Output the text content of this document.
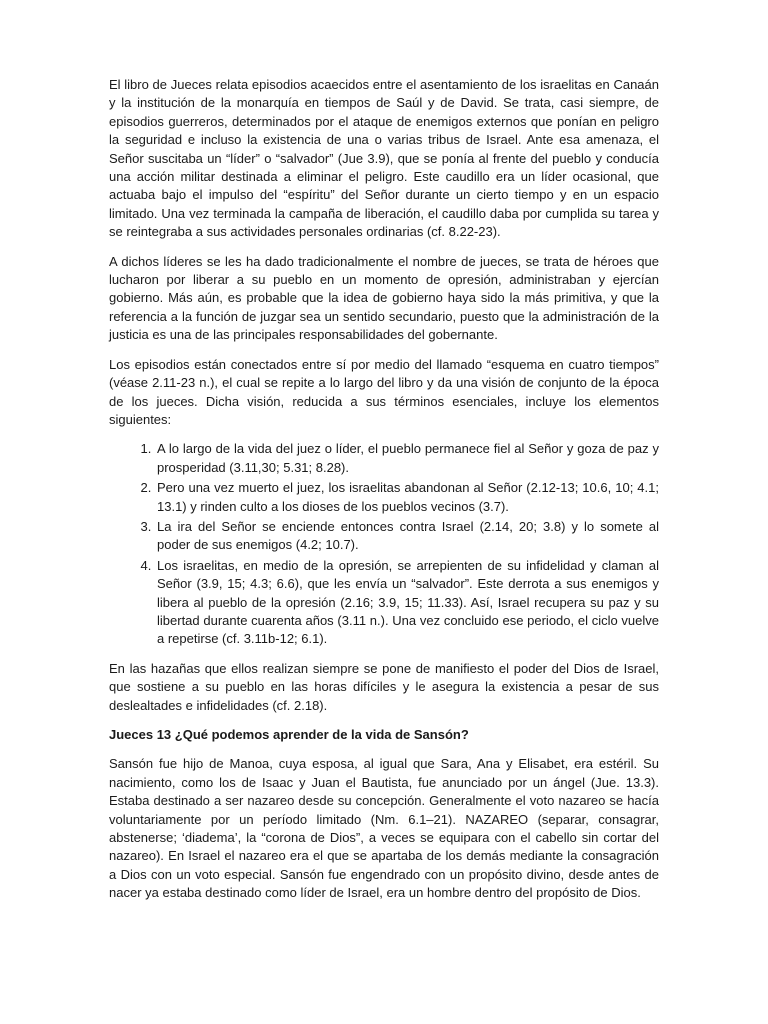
El libro de Jueces relata episodios acaecidos entre el asentamiento de los israelitas en Canaán y la institución de la monarquía en tiempos de Saúl y de David. Se trata, casi siempre, de episodios guerreros, determinados por el ataque de enemigos externos que ponían en peligro la seguridad e incluso la existencia de una o varias tribus de Israel. Ante esa amenaza, el Señor suscitaba un “líder” o “salvador” (Jue 3.9), que se ponía al frente del pueblo y conducía una acción militar destinada a eliminar el peligro. Este caudillo era un líder ocasional, que actuaba bajo el impulso del “espíritu” del Señor durante un cierto tiempo y en un espacio limitado. Una vez terminada la campaña de liberación, el caudillo daba por cumplida su tarea y se reintegraba a sus actividades personales ordinarias (cf. 8.22-23).

A dichos líderes se les ha dado tradicionalmente el nombre de jueces, se trata de héroes que lucharon por liberar a su pueblo en un momento de opresión, administraban y ejercían gobierno. Más aún, es probable que la idea de gobierno haya sido la más primitiva, y que la referencia a la función de juzgar sea un sentido secundario, puesto que la administración de la justicia es una de las principales responsabilidades del gobernante.

Los episodios están conectados entre sí por medio del llamado “esquema en cuatro tiempos” (véase 2.11-23 n.), el cual se repite a lo largo del libro y da una visión de conjunto de la época de los jueces. Dicha visión, reducida a sus términos esenciales, incluye los elementos siguientes:

1. A lo largo de la vida del juez o líder, el pueblo permanece fiel al Señor y goza de paz y prosperidad (3.11,30; 5.31; 8.28).
2. Pero una vez muerto el juez, los israelitas abandonan al Señor (2.12-13; 10.6, 10; 4.1; 13.1) y rinden culto a los dioses de los pueblos vecinos (3.7).
3. La ira del Señor se enciende entonces contra Israel (2.14, 20; 3.8) y lo somete al poder de sus enemigos (4.2; 10.7).
4. Los israelitas, en medio de la opresión, se arrepienten de su infidelidad y claman al Señor (3.9, 15; 4.3; 6.6), que les envía un “salvador”. Este derrota a sus enemigos y libera al pueblo de la opresión (2.16; 3.9, 15; 11.33). Así, Israel recupera su paz y su libertad durante cuarenta años (3.11 n.). Una vez concluido ese periodo, el ciclo vuelve a repetirse (cf. 3.11b-12; 6.1).

En las hazañas que ellos realizan siempre se pone de manifiesto el poder del Dios de Israel, que sostiene a su pueblo en las horas difíciles y le asegura la existencia a pesar de sus deslealtades e infidelidades (cf. 2.18).

Jueces 13 ¿Qué podemos aprender de la vida de Sansón?

Sansón fue hijo de Manoa, cuya esposa, al igual que Sara, Ana y Elisabet, era estéril. Su nacimiento, como los de Isaac y Juan el Bautista, fue anunciado por un ángel (Jue. 13.3). Estaba destinado a ser nazareo desde su concepción. Generalmente el voto nazareo se hacía voluntariamente por un período limitado (Nm. 6.1–21). NAZAREO (separar, consagrar, abstenerse; ‘diadema’, la “corona de Dios”, a veces se equipara con el cabello sin cortar del nazareo). En Israel el nazareo era el que se apartaba de los demás mediante la consagración a Dios con un voto especial. Sansón fue engendrado con un propósito divino, desde antes de nacer ya estaba destinado como líder de Israel, era un hombre dentro del propósito de Dios.
